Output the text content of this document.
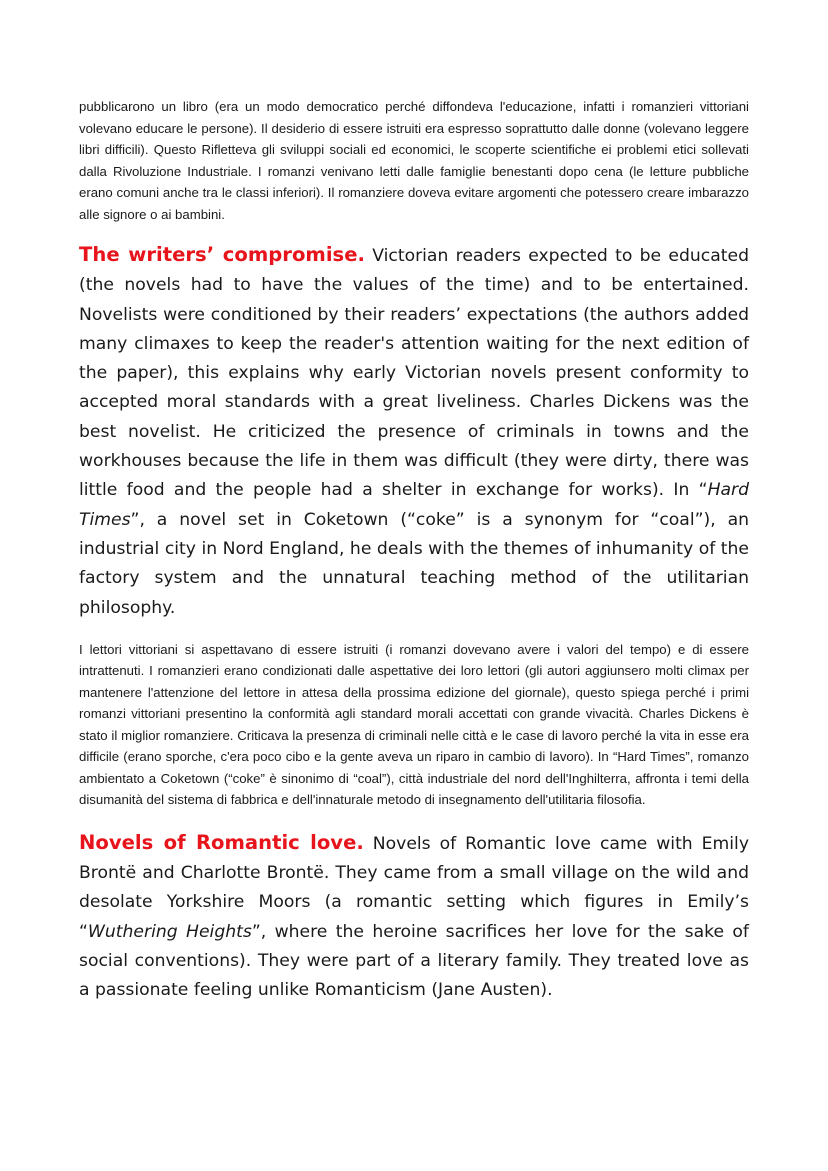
pubblicarono un libro (era un modo democratico perché diffondeva l'educazione, infatti i romanzieri vittoriani volevano educare le persone). Il desiderio di essere istruiti era espresso soprattutto dalle donne (volevano leggere libri difficili). Questo Rifletteva gli sviluppi sociali ed economici, le scoperte scientifiche ei problemi etici sollevati dalla Rivoluzione Industriale. I romanzi venivano letti dalle famiglie benestanti dopo cena (le letture pubbliche erano comuni anche tra le classi inferiori). Il romanziere doveva evitare argomenti che potessero creare imbarazzo alle signore o ai bambini.

The writers’ compromise. Victorian readers expected to be educated (the novels had to have the values of the time) and to be entertained. Novelists were conditioned by their readers’ expectations (the authors added many climaxes to keep the reader's attention waiting for the next edition of the paper), this explains why early Victorian novels present conformity to accepted moral standards with a great liveliness. Charles Dickens was the best novelist. He criticized the presence of criminals in towns and the workhouses because the life in them was difficult (they were dirty, there was little food and the people had a shelter in exchange for works). In “Hard Times”, a novel set in Coketown (“coke” is a synonym for “coal”), an industrial city in Nord England, he deals with the themes of inhumanity of the factory system and the unnatural teaching method of the utilitarian philosophy.

I lettori vittoriani si aspettavano di essere istruiti (i romanzi dovevano avere i valori del tempo) e di essere intrattenuti. I romanzieri erano condizionati dalle aspettative dei loro lettori (gli autori aggiunsero molti climax per mantenere l'attenzione del lettore in attesa della prossima edizione del giornale), questo spiega perché i primi romanzi vittoriani presentino la conformità agli standard morali accettati con grande vivacità. Charles Dickens è stato il miglior romanziere. Criticava la presenza di criminali nelle città e le case di lavoro perché la vita in esse era difficile (erano sporche, c'era poco cibo e la gente aveva un riparo in cambio di lavoro). In “Hard Times”, romanzo ambientato a Coketown (“coke” è sinonimo di “coal”), città industriale del nord dell'Inghilterra, affronta i temi della disumanità del sistema di fabbrica e dell'innaturale metodo di insegnamento dell'utilitaria filosofia.

Novels of Romantic love. Novels of Romantic love came with Emily Brontë and Charlotte Brontë. They came from a small village on the wild and desolate Yorkshire Moors (a romantic setting which figures in Emily’s “Wuthering Heights”, where the heroine sacrifices her love for the sake of social conventions). They were part of a literary family. They treated love as a passionate feeling unlike Romanticism (Jane Austen).
